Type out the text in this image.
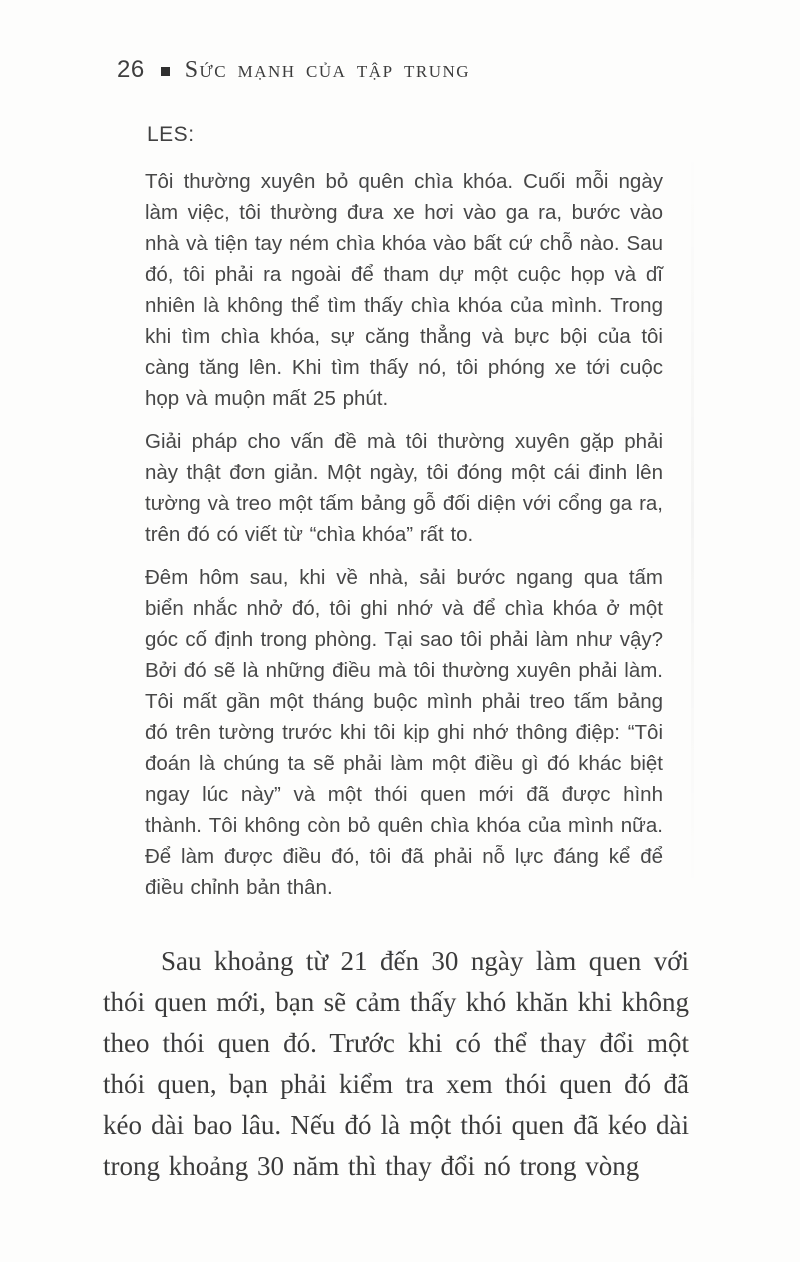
26 Sức mạnh của tập trung

LES:

Tôi thường xuyên bỏ quên chìa khóa. Cuối mỗi ngày làm việc, tôi thường đưa xe hơi vào ga ra, bước vào nhà và tiện tay ném chìa khóa vào bất cứ chỗ nào. Sau đó, tôi phải ra ngoài để tham dự một cuộc họp và dĩ nhiên là không thể tìm thấy chìa khóa của mình. Trong khi tìm chìa khóa, sự căng thẳng và bực bội của tôi càng tăng lên. Khi tìm thấy nó, tôi phóng xe tới cuộc họp và muộn mất 25 phút.

Giải pháp cho vấn đề mà tôi thường xuyên gặp phải này thật đơn giản. Một ngày, tôi đóng một cái đinh lên tường và treo một tấm bảng gỗ đối diện với cổng ga ra, trên đó có viết từ “chìa khóa” rất to.

Đêm hôm sau, khi về nhà, sải bước ngang qua tấm biển nhắc nhở đó, tôi ghi nhớ và để chìa khóa ở một góc cố định trong phòng. Tại sao tôi phải làm như vậy? Bởi đó sẽ là những điều mà tôi thường xuyên phải làm. Tôi mất gần một tháng buộc mình phải treo tấm bảng đó trên tường trước khi tôi kịp ghi nhớ thông điệp: “Tôi đoán là chúng ta sẽ phải làm một điều gì đó khác biệt ngay lúc này” và một thói quen mới đã được hình thành. Tôi không còn bỏ quên chìa khóa của mình nữa. Để làm được điều đó, tôi đã phải nỗ lực đáng kể để điều chỉnh bản thân.

Sau khoảng từ 21 đến 30 ngày làm quen với thói quen mới, bạn sẽ cảm thấy khó khăn khi không theo thói quen đó. Trước khi có thể thay đổi một thói quen, bạn phải kiểm tra xem thói quen đó đã kéo dài bao lâu. Nếu đó là một thói quen đã kéo dài trong khoảng 30 năm thì thay đổi nó trong vòng
